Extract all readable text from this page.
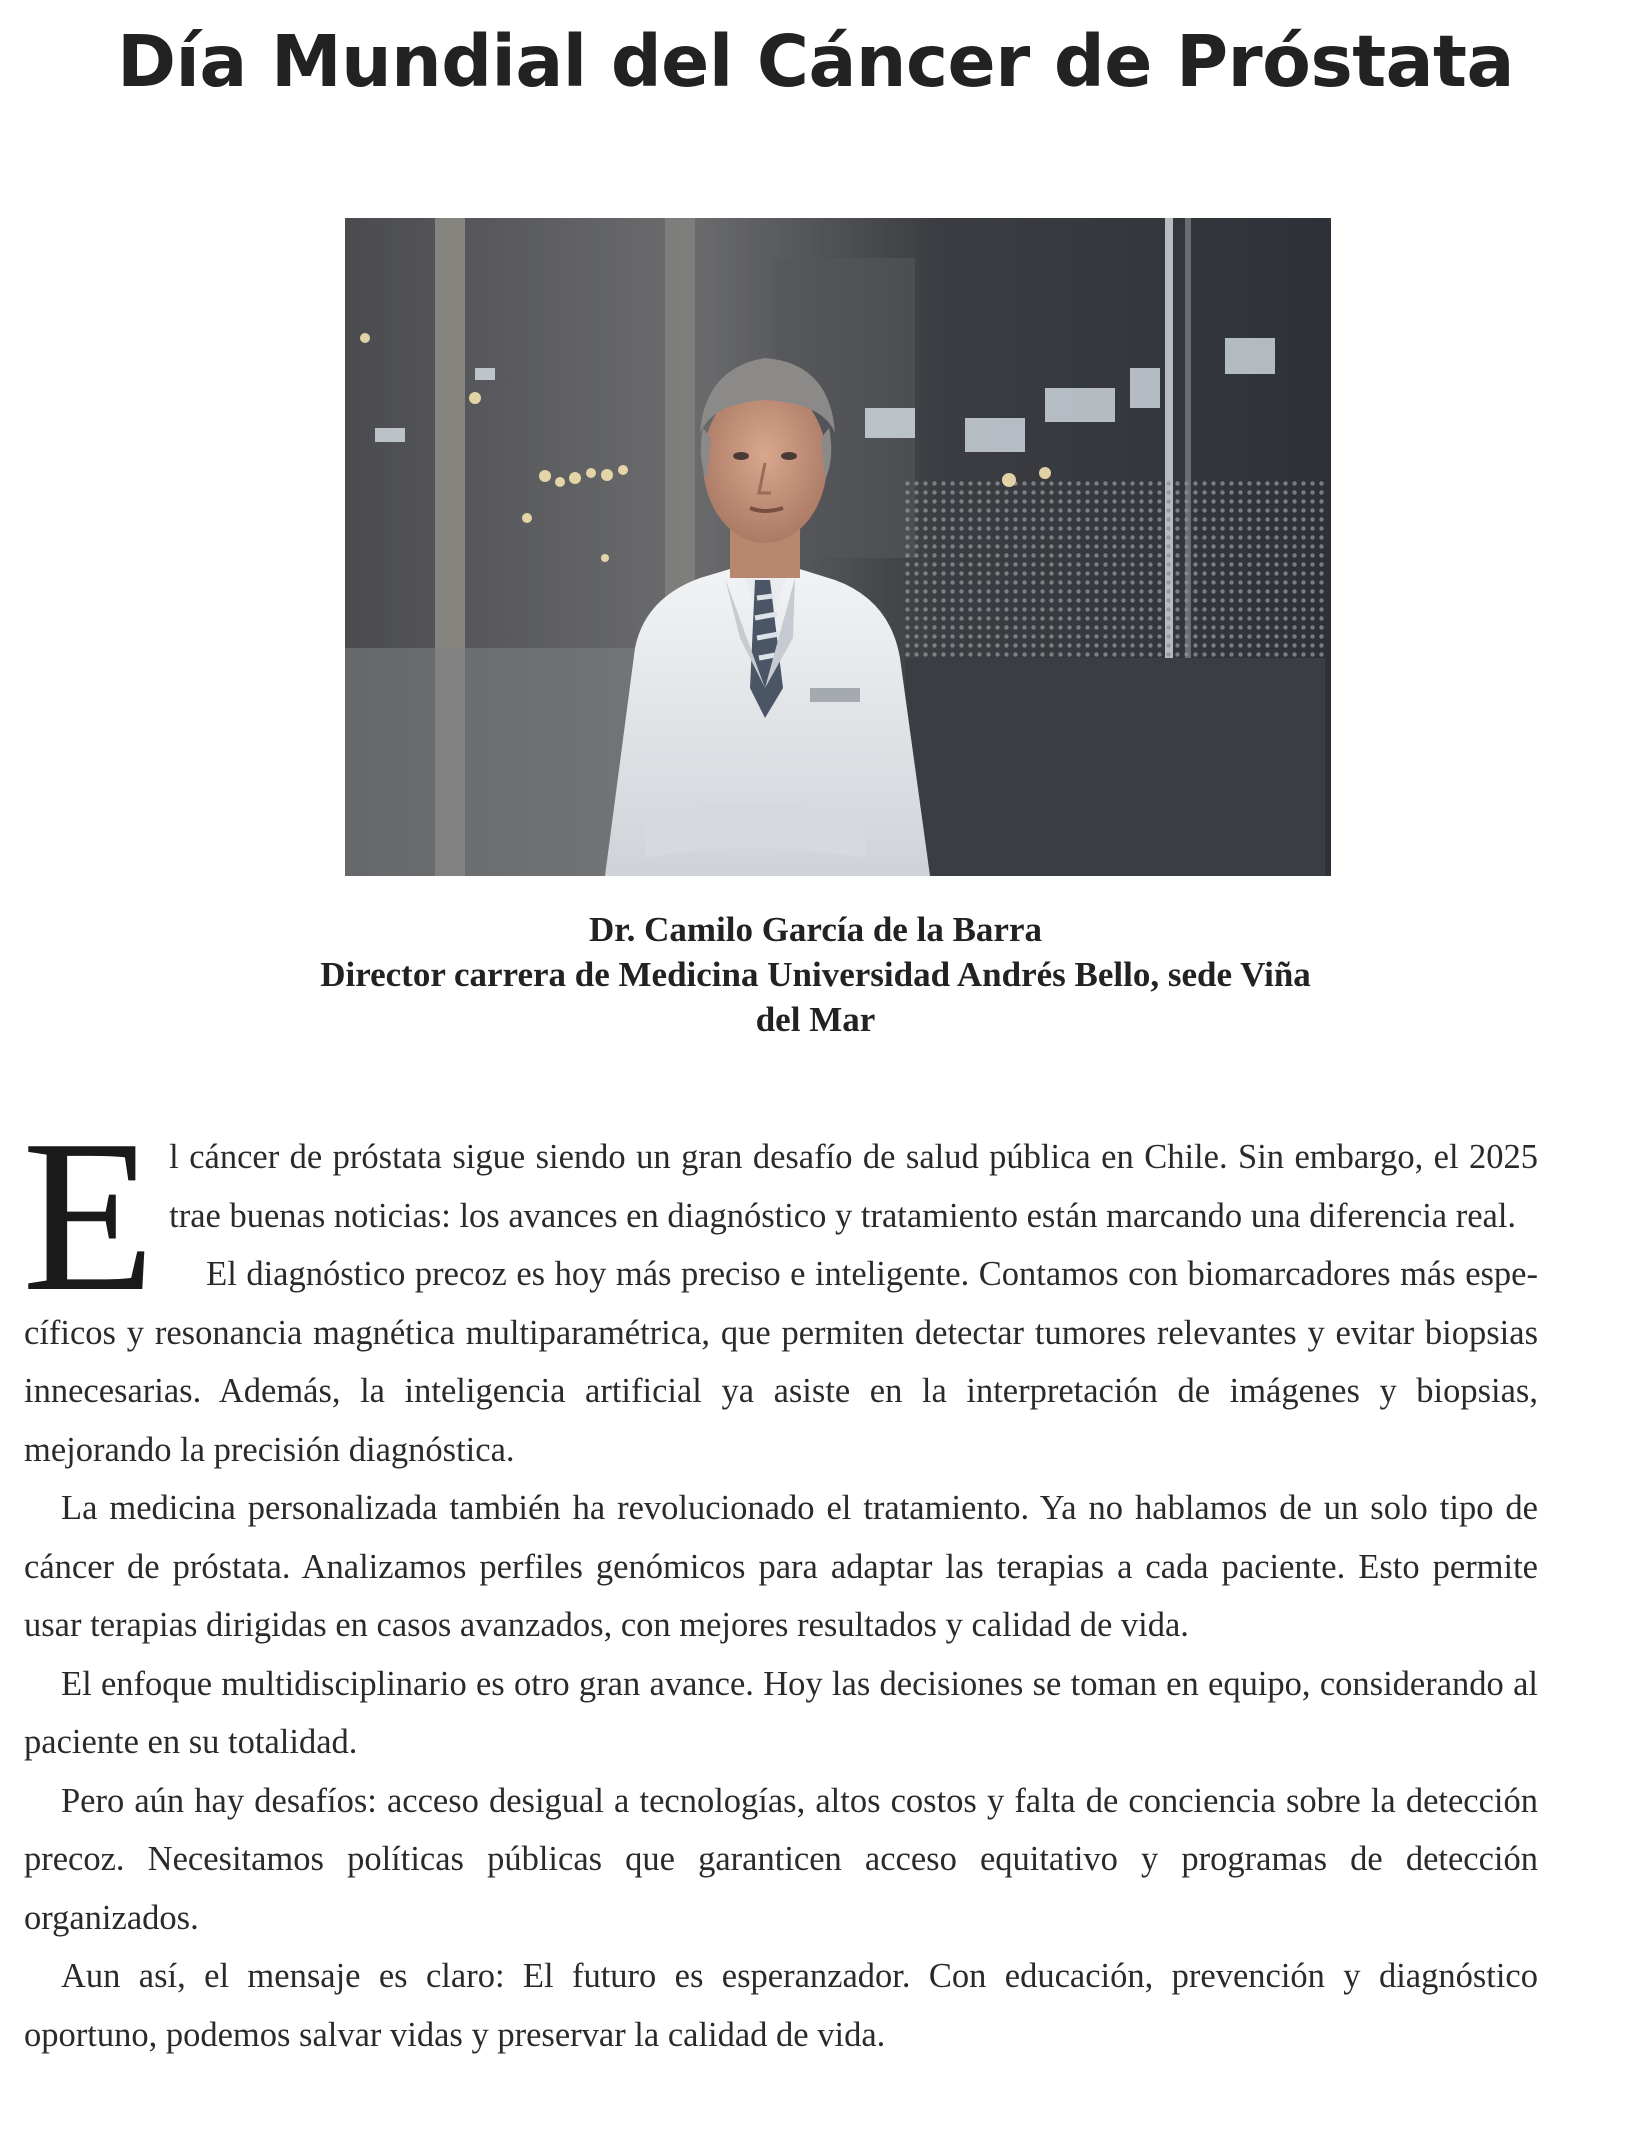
Día Mundial del Cáncer de Próstata
Dr. Camilo García de la Barra
Director carrera de Medicina Universidad Andrés Bello, sede Viña
del Mar

El cáncer de próstata sigue siendo un gran desafío de salud pública en Chile. Sin embargo, el 2025 trae buenas noticias: los avances en diagnóstico y tratamiento están marcando una diferencia real.

El diagnóstico precoz es hoy más preciso e inteligente. Contamos con biomarcadores más específicos y resonancia magnética multiparamétrica, que permiten detectar tumores relevantes y evitar biopsias innecesarias. Además, la inteligencia artificial ya asiste en la interpretación de imágenes y biopsias, mejorando la precisión diagnóstica.

La medicina personalizada también ha revolucionado el tratamiento. Ya no hablamos de un solo tipo de cáncer de próstata. Analizamos perfiles genómicos para adaptar las terapias a cada paciente. Esto permite usar terapias dirigidas en casos avanzados, con mejores resultados y calidad de vida.

El enfoque multidisciplinario es otro gran avance. Hoy las decisiones se toman en equipo, considerando al paciente en su totalidad.

Pero aún hay desafíos: acceso desigual a tecnologías, altos costos y falta de conciencia sobre la detección precoz. Necesitamos políticas públicas que garanticen acceso equitativo y programas de detección organizados.

Aun así, el mensaje es claro: El futuro es esperanzador. Con educación, prevención y diagnóstico oportuno, podemos salvar vidas y preservar la calidad de vida.
